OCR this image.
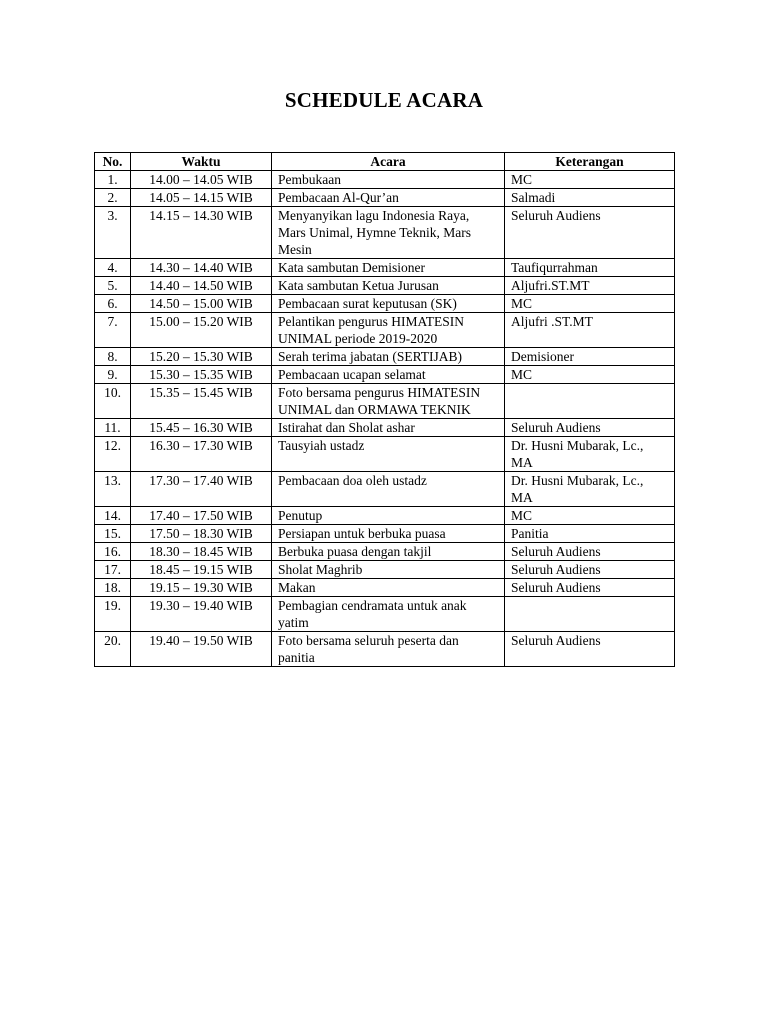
SCHEDULE ACARA
No.	Waktu	Acara	Keterangan
1.	14.00 – 14.05 WIB	Pembukaan	MC
2.	14.05 – 14.15 WIB	Pembacaan Al-Qur’an	Salmadi
3.	14.15 – 14.30 WIB	Menyanyikan lagu Indonesia Raya, Mars Unimal, Hymne Teknik, Mars Mesin	Seluruh Audiens
4.	14.30 – 14.40 WIB	Kata sambutan Demisioner	Taufiqurrahman
5.	14.40 – 14.50 WIB	Kata sambutan Ketua Jurusan	Aljufri.ST.MT
6.	14.50 – 15.00 WIB	Pembacaan surat keputusan (SK)	MC
7.	15.00 – 15.20 WIB	Pelantikan pengurus HIMATESIN UNIMAL periode 2019-2020	Aljufri .ST.MT
8.	15.20 – 15.30 WIB	Serah terima jabatan (SERTIJAB)	Demisioner
9.	15.30 – 15.35 WIB	Pembacaan ucapan selamat	MC
10.	15.35 – 15.45 WIB	Foto bersama pengurus HIMATESIN UNIMAL dan ORMAWA TEKNIK	
11.	15.45 – 16.30 WIB	Istirahat dan Sholat ashar	Seluruh Audiens
12.	16.30 – 17.30 WIB	Tausyiah ustadz	Dr. Husni Mubarak, Lc., MA
13.	17.30 – 17.40 WIB	Pembacaan doa oleh ustadz	Dr. Husni Mubarak, Lc., MA
14.	17.40 – 17.50 WIB	Penutup	MC
15.	17.50 – 18.30 WIB	Persiapan untuk berbuka puasa	Panitia
16.	18.30 – 18.45 WIB	Berbuka puasa dengan takjil	Seluruh Audiens
17.	18.45 – 19.15 WIB	Sholat Maghrib	Seluruh Audiens
18.	19.15 – 19.30 WIB	Makan	Seluruh Audiens
19.	19.30 – 19.40 WIB	Pembagian cendramata untuk anak yatim	
20.	19.40 – 19.50 WIB	Foto bersama seluruh peserta dan panitia	Seluruh Audiens
